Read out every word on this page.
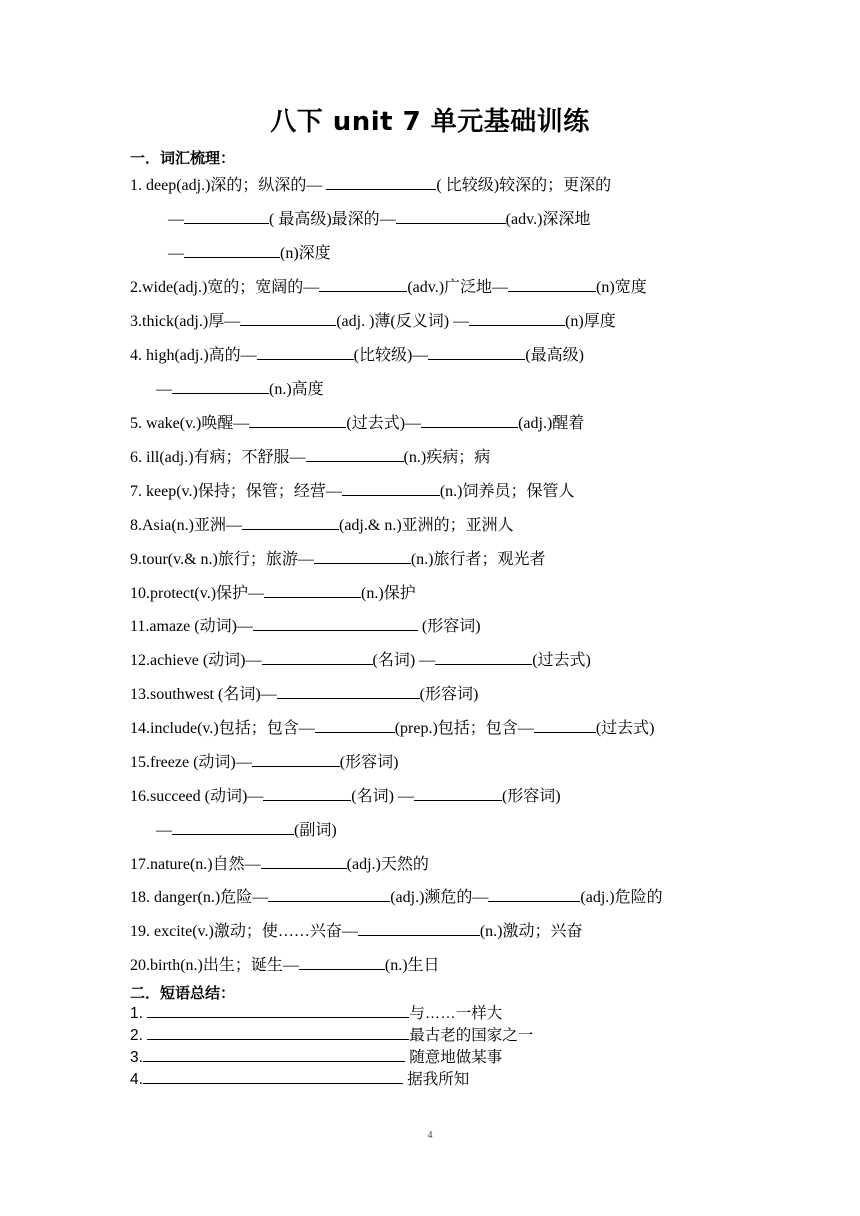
八下 unit 7 单元基础训练
一．词汇梳理：
1. deep(adj.)深的；纵深的—	( 比较级)较深的；更深的
—	( 最高级)最深的—	(adv.)深深地
—	(n)深度
2.wide(adj.)宽的；宽阔的—	(adv.)广泛地—	(n)宽度
3.thick(adj.)厚—	(adj. )薄(反义词) —	(n)厚度
4. high(adj.)高的—	(比较级)—	(最高级)
—	(n.)高度
5. wake(v.)唤醒—	(过去式)—	(adj.)醒着
6. ill(adj.)有病；不舒服—	(n.)疾病；病
7. keep(v.)保持；保管；经营—	(n.)饲养员；保管人
8.Asia(n.)亚洲—	(adj.& n.)亚洲的；亚洲人
9.tour(v.& n.)旅行；旅游—	(n.)旅行者；观光者
10.protect(v.)保护—	(n.)保护
11.amaze (动词)—	(形容词)
12.achieve (动词)—	(名词) —	(过去式)
13.southwest (名词)—	(形容词)
14.include(v.)包括；包含—	(prep.)包括；包含—	(过去式)
15.freeze (动词)—	(形容词)
16.succeed (动词)—	(名词) —	(形容词)
—	(副词)
17.nature(n.)自然—	(adj.)天然的
18. danger(n.)危险—	(adj.)濒危的—	(adj.)危险的
19. excite(v.)激动；使……兴奋—	(n.)激动；兴奋
20.birth(n.)出生；诞生—	(n.)生日
二．短语总结：
1.	与……一样大
2.	最古老的国家之一
3.	随意地做某事
4.	据我所知
4
